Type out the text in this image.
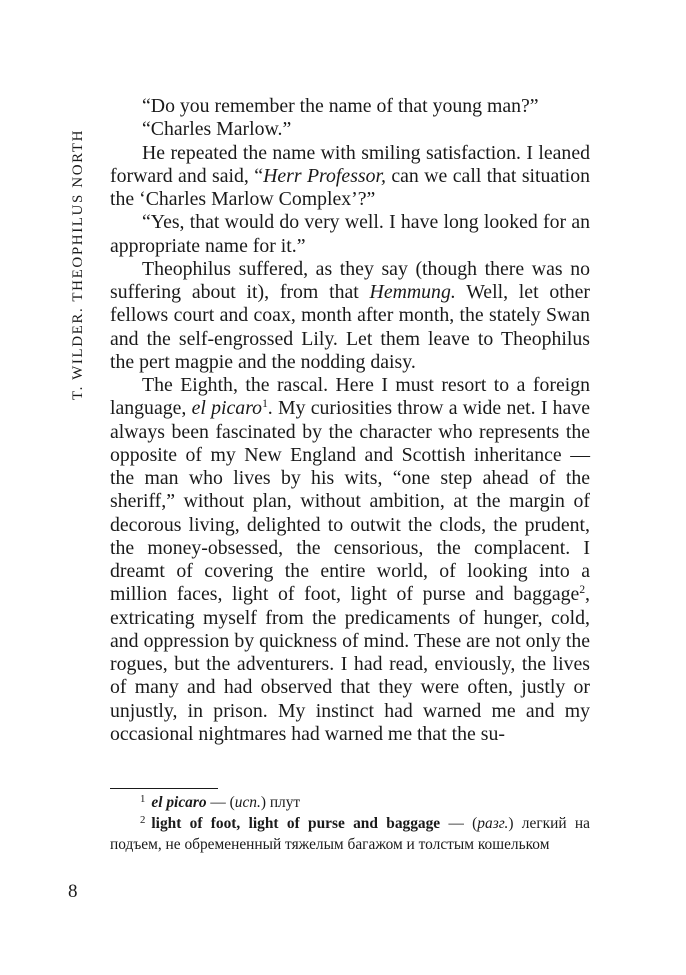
T. WILDER. THEOPHILUS NORTH

“Do you remember the name of that young man?”

“Charles Marlow.”

He repeated the name with smiling satisfaction. I leaned forward and said, “Herr Professor, can we call that situation the ‘Charles Marlow Complex’?”

“Yes, that would do very well. I have long looked for an appropriate name for it.”

Theophilus suffered, as they say (though there was no suffering about it), from that Hemmung. Well, let other fellows court and coax, month after month, the stately Swan and the self-engrossed Lily. Let them leave to Theophilus the pert magpie and the nodding daisy.

The Eighth, the rascal. Here I must resort to a foreign language, el picaro$^1$. My curiosities throw a wide net. I have always been fascinated by the character who represents the opposite of my New England and Scottish inheritance — the man who lives by his wits, “one step ahead of the sheriff,” without plan, without ambition, at the margin of decorous living, delighted to outwit the clods, the prudent, the money-obsessed, the censorious, the complacent. I dreamt of covering the entire world, of looking into a million faces, light of foot, light of purse and baggage$^2$, extricating myself from the predicaments of hunger, cold, and oppression by quickness of mind. These are not only the rogues, but the adventurers. I had read, enviously, the lives of many and had observed that they were often, justly or unjustly, in prison. My instinct had warned me and my occasional nightmares had warned me that the su-

$^1$ el picaro — (исп.) плут

$^2$ light of foot, light of purse and baggage — (разг.) легкий на подъем, не обремененный тяжелым багажом и толстым кошельком

8
